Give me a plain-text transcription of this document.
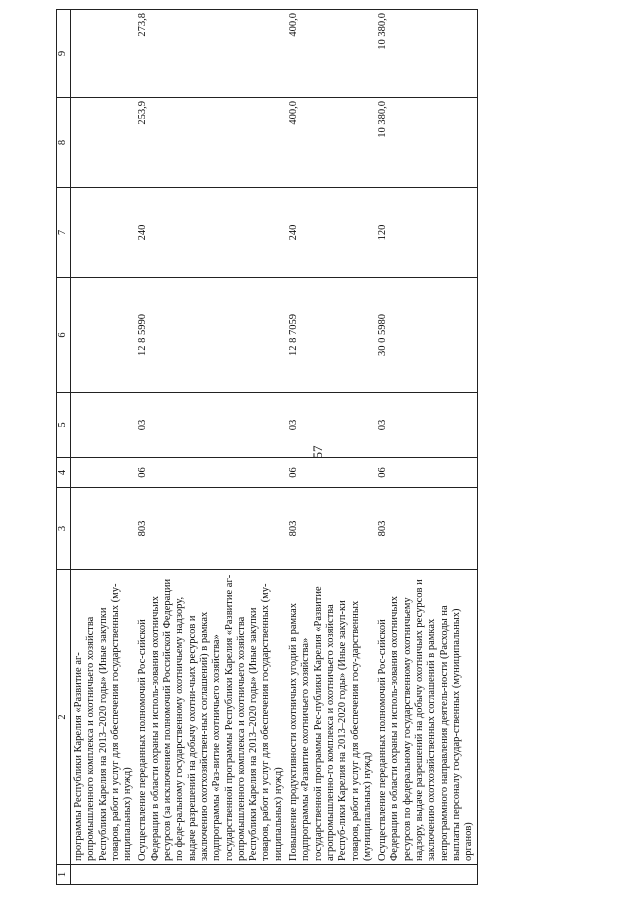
57
1	2	3	4	5	6	7	8	9
	программы Республики Карелия «Развитие аг-ропромышленного комплекса и охотничьего хозяйства Республики Карелия на 2013–2020 годы» (Иные закупки товаров, работ и услуг для обеспечения государственных (му-ниципальных) нужд)							
	Осуществление переданных полномочий Рос-сийской Федерации в области охраны и исполь-зования охотничьих ресурсов (за исключением полномочий Российской Федерации по феде-ральному государственному охотничьему надзору, выдаче разрешений на добычу охотни-чьих ресурсов и заключению охотхозяйствен-ных соглашений) в рамках подпрограммы «Раз-витие охотничьего хозяйства» государственной программы Республики Карелия «Развитие аг-ропромышленного комплекса и охотничьего хозяйства Республики Карелия на 2013–2020 годы» (Иные закупки товаров, работ и услуг для обеспечения государственных (му-ниципальных) нужд)	803	06	03	12 8 5990	240	253,9	273,8
	Повышение продуктивности охотничьих угодий в рамках подпрограммы «Развитие охотничьего хозяйства» государственной программы Рес-публики Карелия «Развитие агропромышленно-го комплекса и охотничьего хозяйства Респуб-лики Карелия на 2013–2020 годы» (Иные закуп-ки товаров, работ и услуг для обеспечения госу-дарственных (муниципальных) нужд)	803	06	03	12 8 7059	240	400,0	400,0
	Осуществление переданных полномочий Рос-сийской Федерации в области охраны и исполь-зования охотничьих ресурсов по федеральному государственному охотничьему надзору, выдаче разрешений на добычу охотничьих ресурсов и заключению охотхозяйственных соглашений в рамках непрограммного направления деятель-ности (Расходы на выплаты персоналу государ-ственных (муниципальных) органов)	803	06	03	30 0 5980	120	10 380,0	10 380,0
